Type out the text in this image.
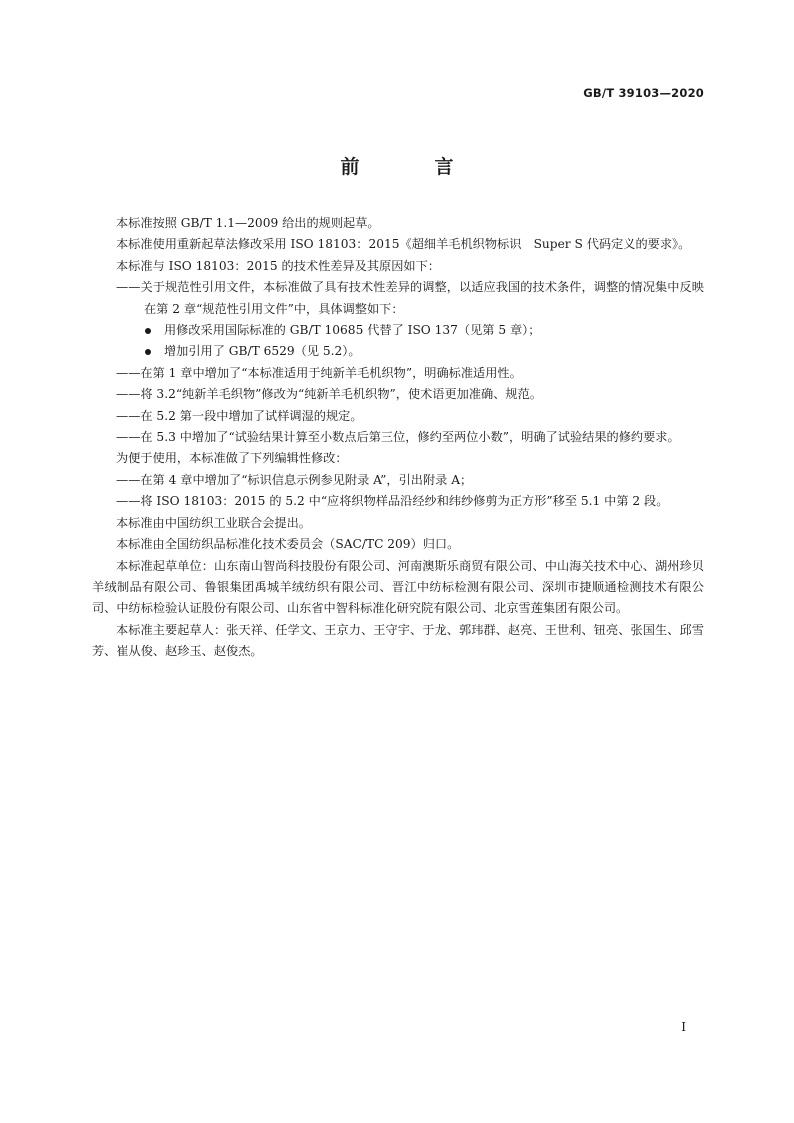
GB/T 39103—2020
前　言

本标准按照 GB/T 1.1—2009 给出的规则起草。

本标准使用重新起草法修改采用 ISO 18103：2015《超细羊毛机织物标识　Super S 代码定义的要求》。

本标准与 ISO 18103：2015 的技术性差异及其原因如下：

——关于规范性引用文件，本标准做了具有技术性差异的调整，以适应我国的技术条件，调整的情况集中反映在第 2 章“规范性引用文件”中，具体调整如下：

用修改采用国际标准的 GB/T 10685 代替了 ISO 137（见第 5 章）；

增加引用了 GB/T 6529（见 5.2）。

——在第 1 章中增加了“本标准适用于纯新羊毛机织物”，明确标准适用性。

——将 3.2“纯新羊毛织物”修改为“纯新羊毛机织物”，使术语更加准确、规范。

——在 5.2 第一段中增加了试样调湿的规定。

——在 5.3 中增加了“试验结果计算至小数点后第三位，修约至两位小数”，明确了试验结果的修约要求。

为便于使用，本标准做了下列编辑性修改：

——在第 4 章中增加了“标识信息示例参见附录 A”，引出附录 A；

——将 ISO 18103：2015 的 5.2 中“应将织物样品沿经纱和纬纱修剪为正方形”移至 5.1 中第 2 段。

本标准由中国纺织工业联合会提出。

本标准由全国纺织品标准化技术委员会（SAC/TC 209）归口。

本标准起草单位：山东南山智尚科技股份有限公司、河南澳斯乐商贸有限公司、中山海关技术中心、湖州珍贝羊绒制品有限公司、鲁银集团禹城羊绒纺织有限公司、晋江中纺标检测有限公司、深圳市捷顺通检测技术有限公司、中纺标检验认证股份有限公司、山东省中智科标准化研究院有限公司、北京雪莲集团有限公司。

本标准主要起草人：张天祥、任学文、王京力、王守宇、于龙、郭玮群、赵亮、王世利、钮亮、张国生、邱雪芳、崔从俊、赵珍玉、赵俊杰。

I
